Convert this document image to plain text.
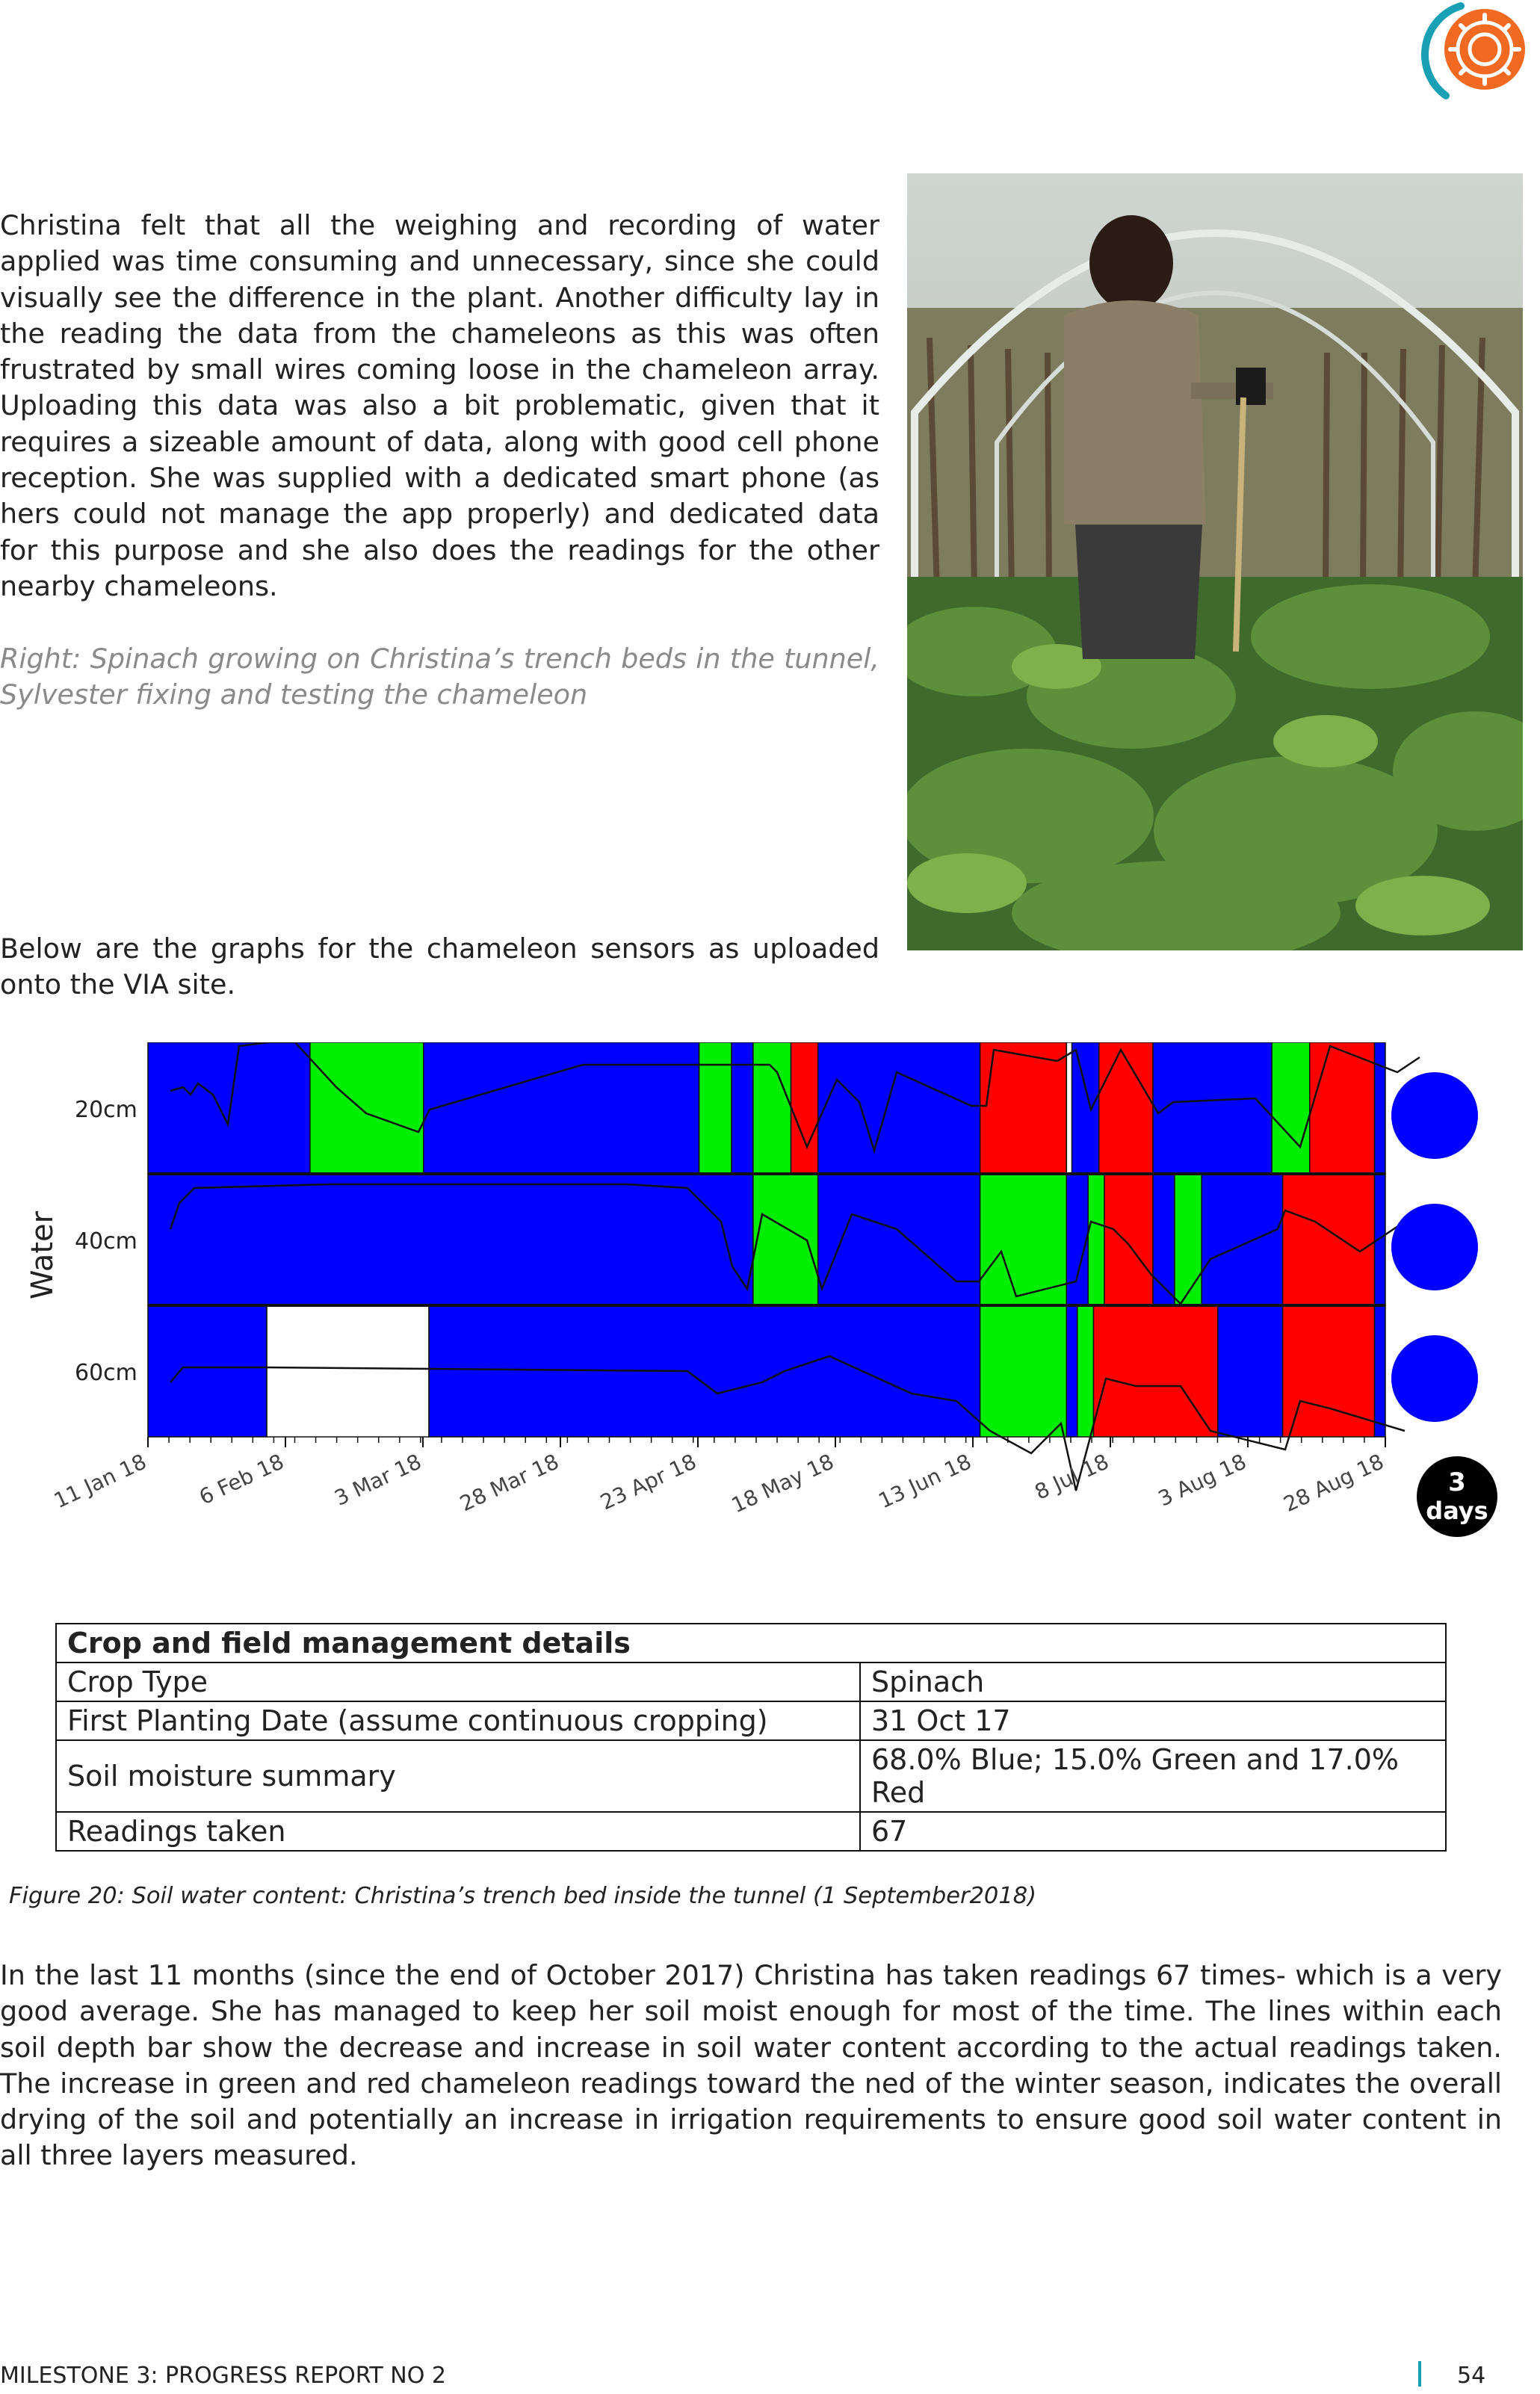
Christina felt that all the weighing and recording of water applied was time consuming and unnecessary, since she could visually see the difference in the plant. Another difficulty lay in the reading the data from the chameleons as this was often frustrated by small wires coming loose in the chameleon array. Uploading this data was also a bit problematic, given that it requires a sizeable amount of data, along with good cell phone reception. She was supplied with a dedicated smart phone (as hers could not manage the app properly) and dedicated data for this purpose and she also does the readings for the other nearby chameleons.

Right: Spinach growing on Christina’s trench beds in the tunnel, Sylvester fixing and testing the chameleon

Below are the graphs for the chameleon sensors as uploaded onto the VIA site.

Water
20cm
40cm
60cm
11 Jan 18 6 Feb 18 3 Mar 18 28 Mar 18 23 Apr 18 18 May 18 13 Jun 18	8 Jul 18 3 Aug 18 28 Aug 18 3
days
Crop and field management details	
Crop Type	Spinach
First Planting Date (assume continuous cropping)	31 Oct 17
Soil moisture summary	68.0% Blue; 15.0% Green and 17.0% Red
Readings taken	67

Figure 20: Soil water content: Christina’s trench bed inside the tunnel (1 September2018)

In the last 11 months (since the end of October 2017) Christina has taken readings 67 times- which is a very good average. She has managed to keep her soil moist enough for most of the time. The lines within each soil depth bar show the decrease and increase in soil water content according to the actual readings taken. The increase in green and red chameleon readings toward the ned of the winter season, indicates the overall drying of the soil and potentially an increase in irrigation requirements to ensure good soil water content in all three layers measured.

MILESTONE 3: PROGRESS REPORT NO 2	54
